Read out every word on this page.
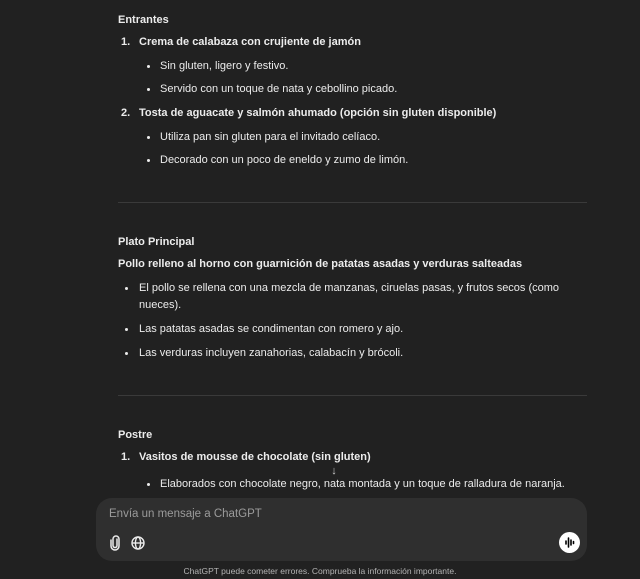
Entrantes
1. Crema de calabaza con crujiente de jamón
Sin gluten, ligero y festivo.
Servido con un toque de nata y cebollino picado.
2. Tosta de aguacate y salmón ahumado (opción sin gluten disponible)
Utiliza pan sin gluten para el invitado celíaco.
Decorado con un poco de eneldo y zumo de limón.
Plato Principal
Pollo relleno al horno con guarnición de patatas asadas y verduras salteadas
El pollo se rellena con una mezcla de manzanas, ciruelas pasas, y frutos secos (como
nueces).
Las patatas asadas se condimentan con romero y ajo.
Las verduras incluyen zanahorias, calabacín y brócoli.
Postre
1. Vasitos de mousse de chocolate (sin gluten)
Elaborados con chocolate negro, nata montada y un toque de ralladura de naranja.
↓
Envía un mensaje a ChatGPT
ChatGPT puede cometer errores. Comprueba la información importante.
